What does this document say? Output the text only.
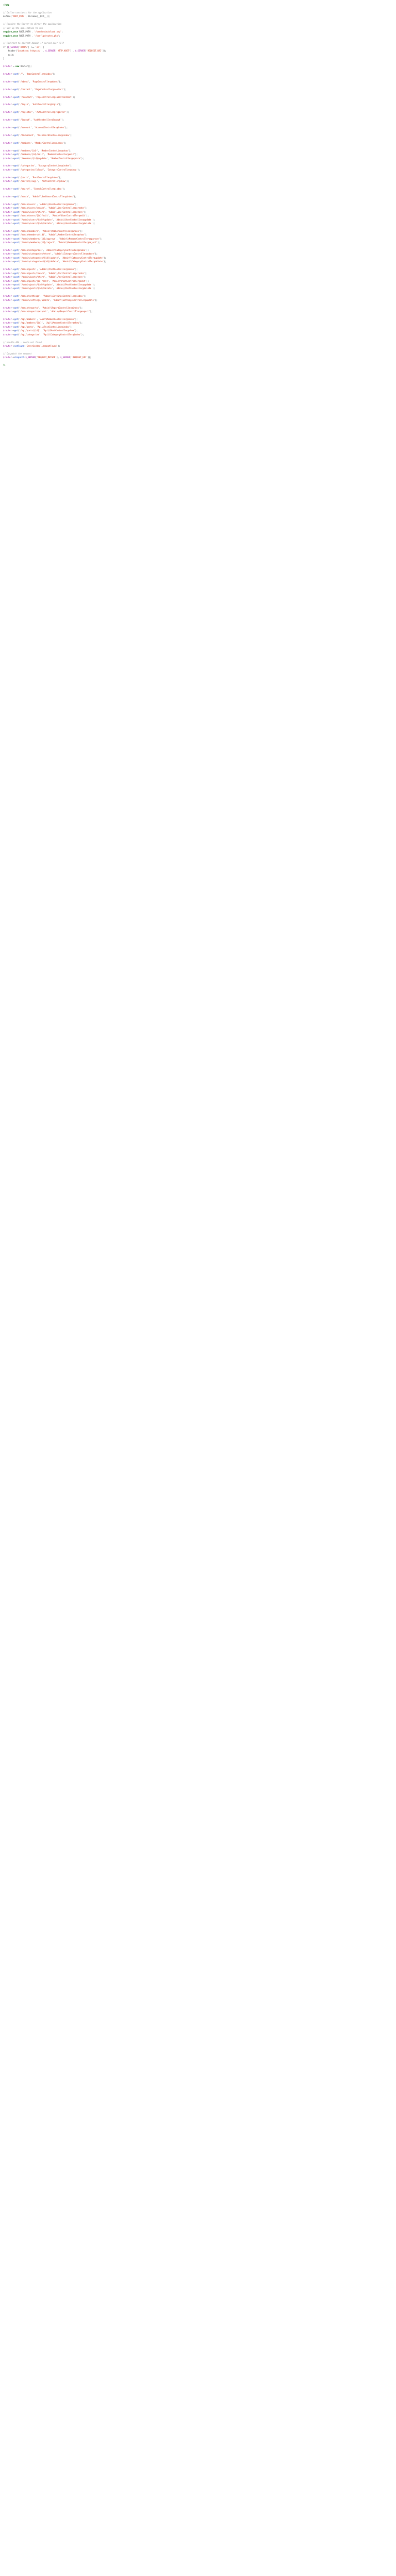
<?php

// Define constants for the application
define('ROOT_PATH', dirname(__DIR__));

// Require the Router to direct the application
// Set up the application to run
require_once ROOT_PATH . '/vendor/autoload.php';
require_once ROOT_PATH . '/config/routes.php';

// Redirect to correct domain if served over HTTP
if ($_SERVER['HTTPS'] !== 'on') {
header('Location: https://' . $_SERVER['HTTP_HOST'] . $_SERVER['REQUEST_URI']);
exit;
}

$router = new Router();

$router->get('/', 'HomeController@index');

$router->get('/about', 'PageController@about');

$router->get('/contact', 'PageController@contact');

$router->post('/contact', 'PageController@submitContact');

$router->get('/login', 'AuthController@login');

$router->get('/register', 'AuthController@register');

$router->get('/logout', 'AuthController@logout');

$router->get('/account', 'AccountController@index');

$router->get('/dashboard', 'DashboardController@index');

$router->get('/members', 'MemberController@index');

$router->get('/members/{id}', 'MemberController@show');
$router->get('/members/{id}/edit', 'MemberController@edit');
$router->post('/members/{id}/update', 'MemberController@update');

$router->get('/categories', 'CategoryController@index');
$router->get('/categories/{slug}', 'CategoryController@show');

$router->get('/posts', 'PostController@index');
$router->get('/posts/{slug}', 'PostController@show');

$router->get('/search', 'SearchController@index');

$router->get('/admin', 'Admin\\DashboardController@index');

$router->get('/admin/users', 'Admin\\UserController@index');
$router->get('/admin/users/create', 'Admin\\UserController@create');
$router->post('/admin/users/store', 'Admin\\UserController@store');
$router->get('/admin/users/{id}/edit', 'Admin\\UserController@edit');
$router->post('/admin/users/{id}/update', 'Admin\\UserController@update');
$router->post('/admin/users/{id}/delete', 'Admin\\UserController@delete');

$router->get('/admin/members', 'Admin\\MemberController@index');
$router->get('/admin/members/{id}', 'Admin\\MemberController@show');
$router->post('/admin/members/{id}/approve', 'Admin\\MemberController@approve');
$router->post('/admin/members/{id}/reject', 'Admin\\MemberController@reject');

$router->get('/admin/categories', 'Admin\\CategoryController@index');
$router->post('/admin/categories/store', 'Admin\\CategoryController@store');
$router->post('/admin/categories/{id}/update', 'Admin\\CategoryController@update');
$router->post('/admin/categories/{id}/delete', 'Admin\\CategoryController@delete');

$router->get('/admin/posts', 'Admin\\PostController@index');
$router->get('/admin/posts/create', 'Admin\\PostController@create');
$router->post('/admin/posts/store', 'Admin\\PostController@store');
$router->get('/admin/posts/{id}/edit', 'Admin\\PostController@edit');
$router->post('/admin/posts/{id}/update', 'Admin\\PostController@update');
$router->post('/admin/posts/{id}/delete', 'Admin\\PostController@delete');

$router->get('/admin/settings', 'Admin\\SettingsController@index');
$router->post('/admin/settings/update', 'Admin\\SettingsController@update');

$router->get('/admin/reports', 'Admin\\ReportController@index');
$router->get('/admin/reports/export', 'Admin\\ReportController@export');

$router->get('/api/members', 'Api\\MemberController@index');
$router->get('/api/members/{id}', 'Api\\MemberController@show');
$router->get('/api/posts', 'Api\\PostController@index');
$router->get('/api/posts/{id}', 'Api\\PostController@show');
$router->get('/api/categories', 'Api\\CategoryController@index');

// Handle 404 - route not found
$router->notFound('ErrorController@notFound');

// Dispatch the request
$router->dispatch($_SERVER['REQUEST_METHOD'], $_SERVER['REQUEST_URI']);

?>
